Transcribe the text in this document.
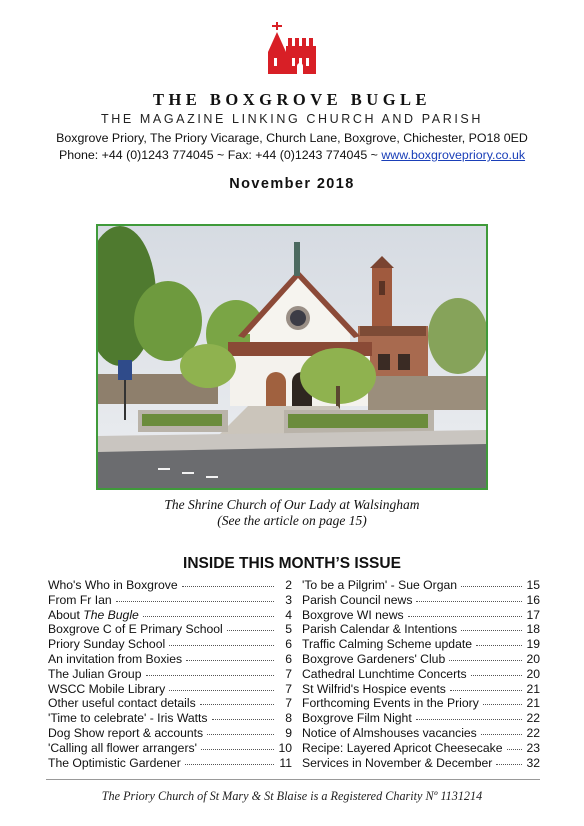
THE BOXGROVE BUGLE
THE MAGAZINE LINKING CHURCH AND PARISH
Boxgrove Priory, The Priory Vicarage, Church Lane, Boxgrove, Chichester, PO18 0ED
Phone: +44 (0)1243 774045 ~ Fax: +44 (0)1243 774045 ~ www.boxgrovepriory.co.uk
November 2018
The Shrine Church of Our Lady at Walsingham
(See the article on page 15)
INSIDE THIS MONTH’S ISSUE
Who's Who in Boxgrove	2
From Fr Ian	3
About The Bugle	4
Boxgrove C of E Primary School	5
Priory Sunday School	6
An invitation from Boxies	6
The Julian Group	7
WSCC Mobile Library	7
Other useful contact details	7
'Time to celebrate' - Iris Watts	8
Dog Show report & accounts	9
'Calling all flower arrangers'	10
The Optimistic Gardener	11
'To be a Pilgrim' - Sue Organ	15
Parish Council news	16
Boxgrove WI news	17
Parish Calendar & Intentions	18
Traffic Calming Scheme update	19
Boxgrove Gardeners' Club	20
Cathedral Lunchtime Concerts	20
St Wilfrid's Hospice events	21
Forthcoming Events in the Priory	21
Boxgrove Film Night	22
Notice of Almshouses vacancies	22
Recipe: Layered Apricot Cheesecake 23
Services in November & December	32
The Priory Church of St Mary & St Blaise is a Registered Charity Nº 1131214
